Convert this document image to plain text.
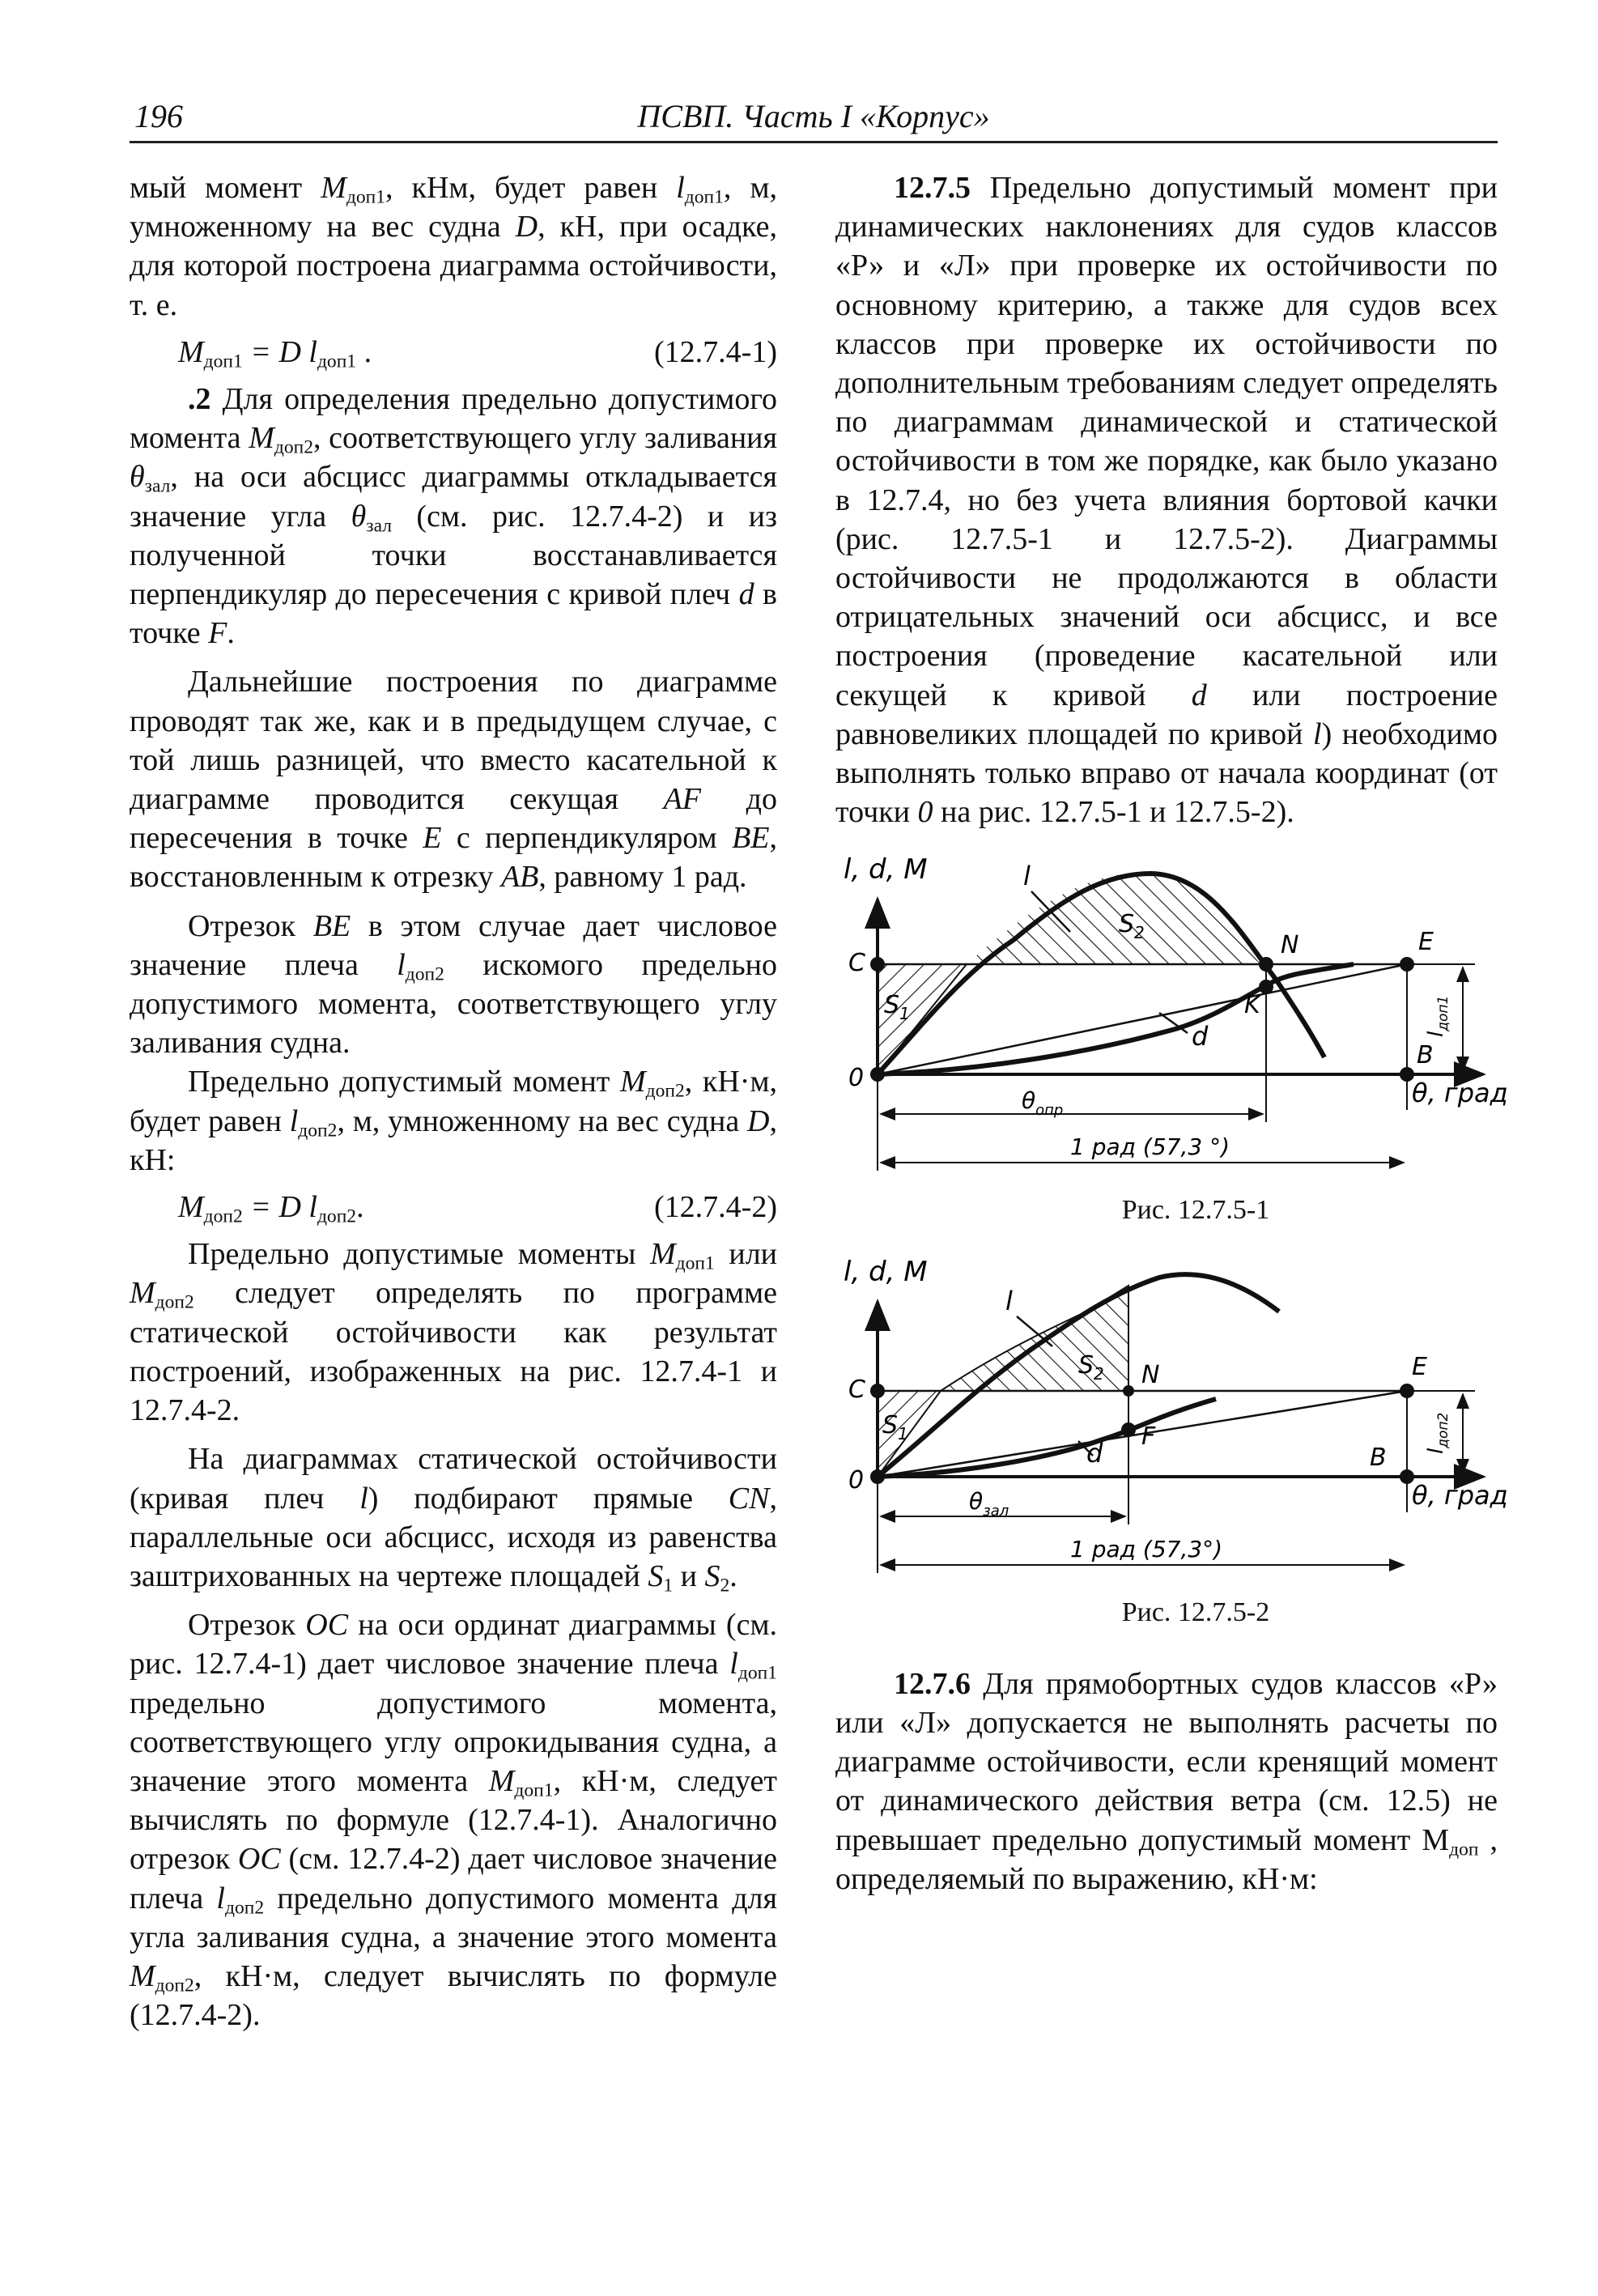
196	ПСВП. Часть I «Корпус»

мый момент $M_{доп1}$, кНм, будет равен $l_{доп1}$, м, умноженному на вес судна D, кН, при осадке, для которой построена диаграмма остойчивости, т. е.

$M_{доп1} = D$ $l_{доп1}$ .	(12.7.4-1)

.2 Для определения предельно допустимого момента $M_{доп2}$, соответствующего углу заливания $\theta_{зал}$, на оси абсцисс диаграммы откладывается значение угла $\theta_{зал}$ (см. рис. 12.7.4-2) и из полученной точки восстанавливается перпендикуляр до пересечения с кривой плеч d в точке F.

Дальнейшие построения по диаграмме проводят так же, как и в предыдущем случае, с той лишь разницей, что вместо касательной к диаграмме проводится секущая AF до пересечения в точке E с перпендикуляром BE, восстановленным к отрезку AB, равному 1 рад.

Отрезок BE в этом случае дает числовое значение плеча $l_{доп2}$ искомого предельно допустимого момента, соответствующего углу заливания судна.

Предельно допустимый момент $M_{доп2}$, кН·м, будет равен $l_{доп2}$, м, умноженному на вес судна D, кН:

$M_{доп2} = D$ $l_{доп2}$.	(12.7.4-2)

Предельно допустимые моменты $M_{доп1}$ или $M_{доп2}$ следует определять по программе статической остойчивости как результат построений, изображенных на рис. 12.7.4-1 и 12.7.4-2.

На диаграммах статической остойчивости (кривая плеч l) подбирают прямые CN, параллельные оси абсцисс, исходя из равенства заштрихованных на чертеже площадей $S_1$ и $S_2$.

Отрезок OC на оси ординат диаграммы (см. рис. 12.7.4-1) дает числовое значение плеча $l_{доп1}$ предельно допустимого момента, соответствующего углу опрокидывания судна, а значение этого момента $M_{доп1}$, кН·м, следует вычислять по формуле (12.7.4-1). Аналогично отрезок OC (см. 12.7.4-2) дает числовое значение плеча $l_{доп2}$ предельно допустимого момента для угла заливания судна, а значение этого момента $M_{доп2}$, кН·м, следует вычислять по формуле (12.7.4-2).

12.7.5 Предельно допустимый момент при динамических наклонениях для судов классов «Р» и «Л» при проверке их остойчивости по основному критерию, а также для судов всех классов при проверке их остойчивости по дополнительным требованиям следует определять по диаграммам динамической и статической остойчивости в том же порядке, как было указано в 12.7.4, но без учета влияния бортовой качки (рис. 12.7.5-1 и 12.7.5-2). Диаграммы остойчивости не продолжаются в области отрицательных значений оси абсцисс, и все построения (проведение касательной или секущей к кривой d или построение равновеликих площадей по кривой l) необходимо выполнять только вправо от начала координат (от точки 0 на рис. 12.7.5-1 и 12.7.5-2).

l, d, M
$l_{доп1}$
C
0
N
K
E
B
l
d
$S_1$
$S_2$
θ, град
$\theta_{опр}$
1 рад (57,3 °)

Рис. 12.7.5-1

l, d, M
$l_{доп2}$
C
0
N
F
E
B
l
d
$S_1$
$S_2$
θ, град
$\theta_{зал}$
1 рад (57,3°)

Рис. 12.7.5-2

12.7.6 Для прямобортных судов классов «Р» или «Л» допускается не выполнять расчеты по диаграмме остойчивости, если кренящий момент от динамического действия ветра (см. 12.5) не превышает предельно допустимый момент $М_{доп}$ , определяемый по выражению, кН·м:
